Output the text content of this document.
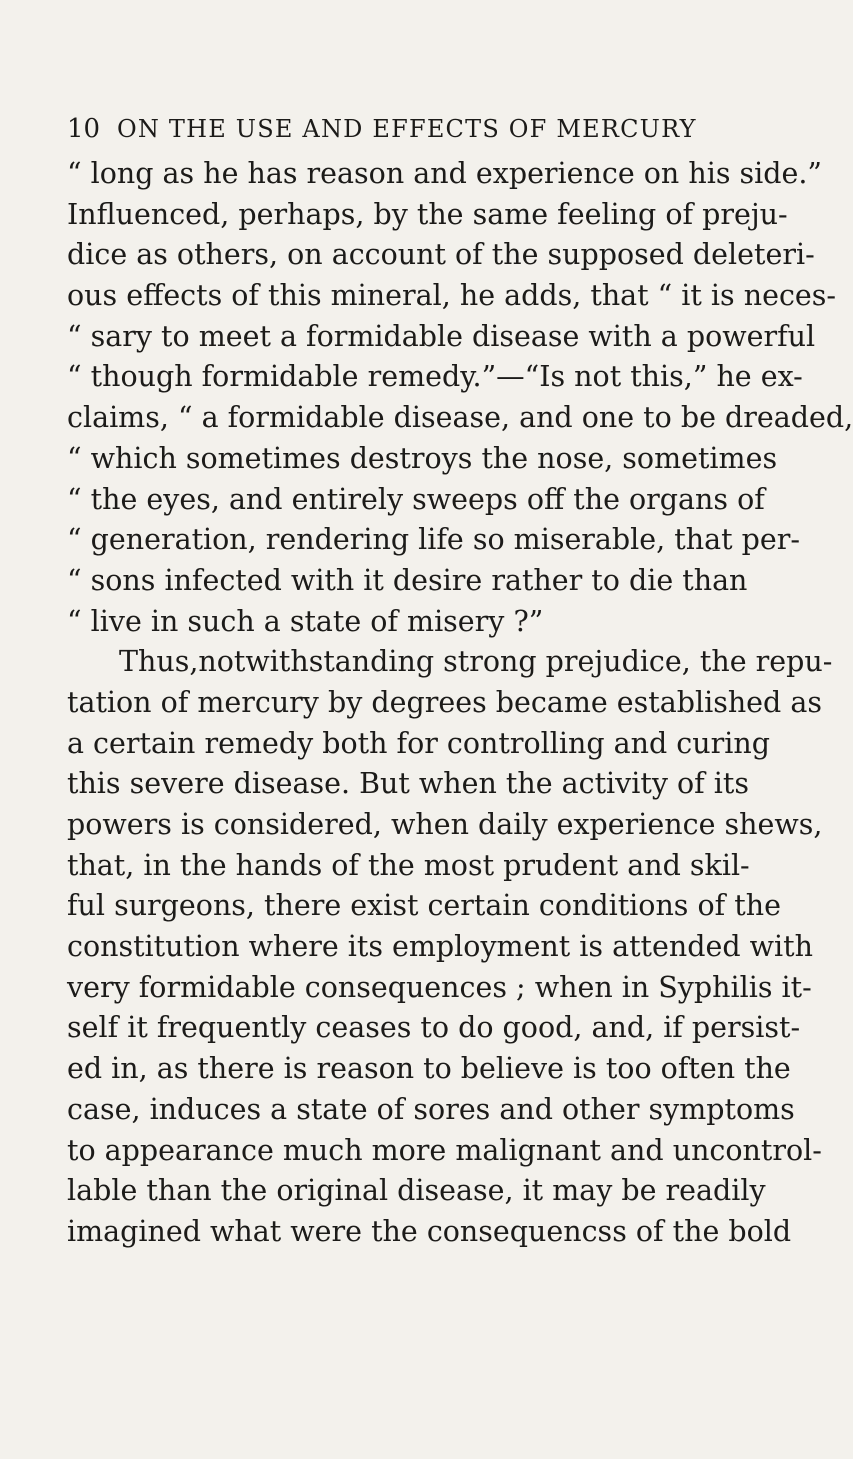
10 ON THE USE AND EFFECTS OF MERCURY
“ long as he has reason and experience on his side.”
Influenced, perhaps, by the same feeling of preju-
dice as others, on account of the supposed deleteri-
ous effects of this mineral, he adds, that “ it is neces-
“ sary to meet a formidable disease with a powerful
“ though formidable remedy.”—“Is not this,” he ex-
claims, “ a formidable disease, and one to be dreaded,
“ which sometimes destroys the nose, sometimes
“ the eyes, and entirely sweeps off the organs of
“ generation, rendering life so miserable, that per-
“ sons infected with it desire rather to die than
“ live in such a state of misery ?”
Thus,notwithstanding strong prejudice, the repu-
tation of mercury by degrees became established as
a certain remedy both for controlling and curing
this severe disease. But when the activity of its
powers is considered, when daily experience shews,
that, in the hands of the most prudent and skil-
ful surgeons, there exist certain conditions of the
constitution where its employment is attended with
very formidable consequences ; when in Syphilis it-
self it frequently ceases to do good, and, if persist-
ed in, as there is reason to believe is too often the
case, induces a state of sores and other symptoms
to appearance much more malignant and uncontrol-
lable than the original disease, it may be readily
imagined what were the consequencss of the bold
